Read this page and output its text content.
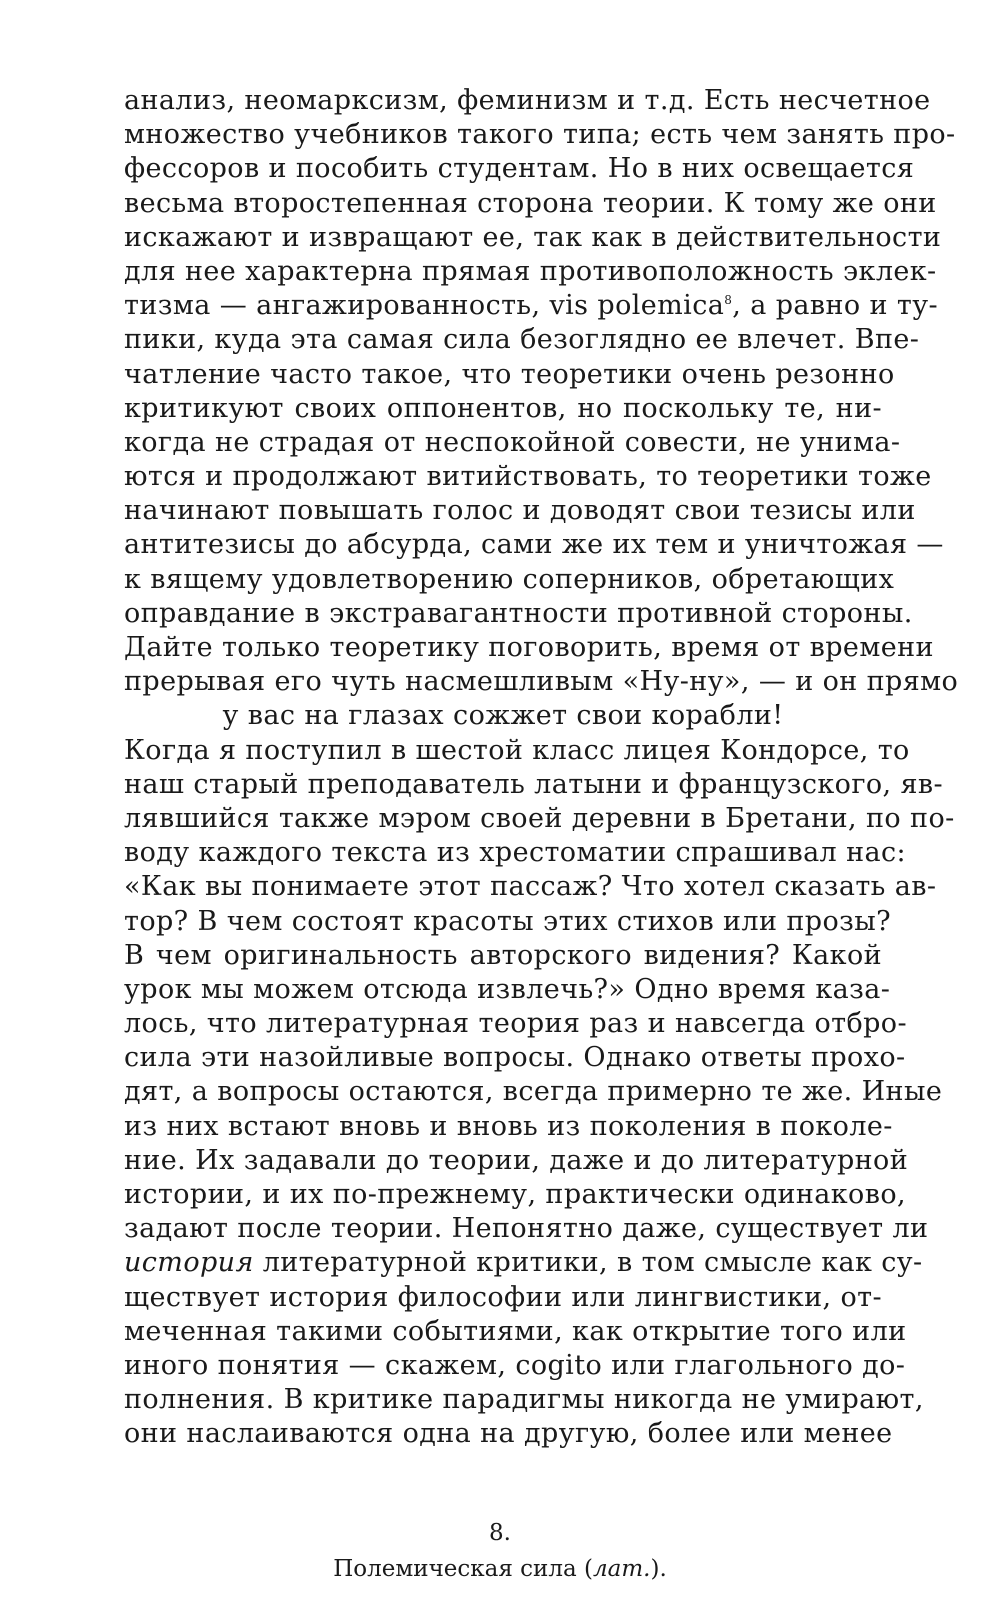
анализ, неомарксизм, феминизм и т.д. Есть несчетное
множество учебников такого типа; есть чем занять про-
фессоров и пособить студентам. Но в них освещается
весьма второстепенная сторона теории. К тому же они
искажают и извращают ее, так как в действительности
для нее характерна прямая противоположность эклек-
тизма — ангажированность, vis polemica$^8$, а равно и ту-
пики, куда эта самая сила безоглядно ее влечет. Впе-
чатление часто такое, что теоретики очень резонно
критикуют своих оппонентов, но поскольку те, ни-
когда не страдая от неспокойной совести, не унима-
ются и продолжают витийствовать, то теоретики тоже
начинают повышать голос и доводят свои тезисы или
антитезисы до абсурда, сами же их тем и уничтожая —
к вящему удовлетворению соперников, обретающих
оправдание в экстравагантности противной стороны.
Дайте только теоретику поговорить, время от времени
прерывая его чуть насмешливым «Ну-ну», — и он прямо
у вас на глазах сожжет свои корабли!
Когда я поступил в шестой класс лицея Кондорсе, то
наш старый преподаватель латыни и французского, яв-
лявшийся также мэром своей деревни в Бретани, по по-
воду каждого текста из хрестоматии спрашивал нас:
«Как вы понимаете этот пассаж? Что хотел сказать ав-
тор? В чем состоят красоты этих стихов или прозы?
В чем оригинальность авторского видения? Какой
урок мы можем отсюда извлечь?» Одно время каза-
лось, что литературная теория раз и навсегда отбро-
сила эти назойливые вопросы. Однако ответы прохо-
дят, а вопросы остаются, всегда примерно те же. Иные
из них встают вновь и вновь из поколения в поколе-
ние. Их задавали до теории, даже и до литературной
истории, и их по-прежнему, практически одинаково,
задают после теории. Непонятно даже, существует ли
история литературной критики, в том смысле как су-
ществует история философии или лингвистики, от-
меченная такими событиями, как открытие того или
иного понятия — скажем, cogito или глагольного до-
полнения. В критике парадигмы никогда не умирают,
они наслаиваются одна на другую, более или менее
8.
Полемическая сила (лат.).
